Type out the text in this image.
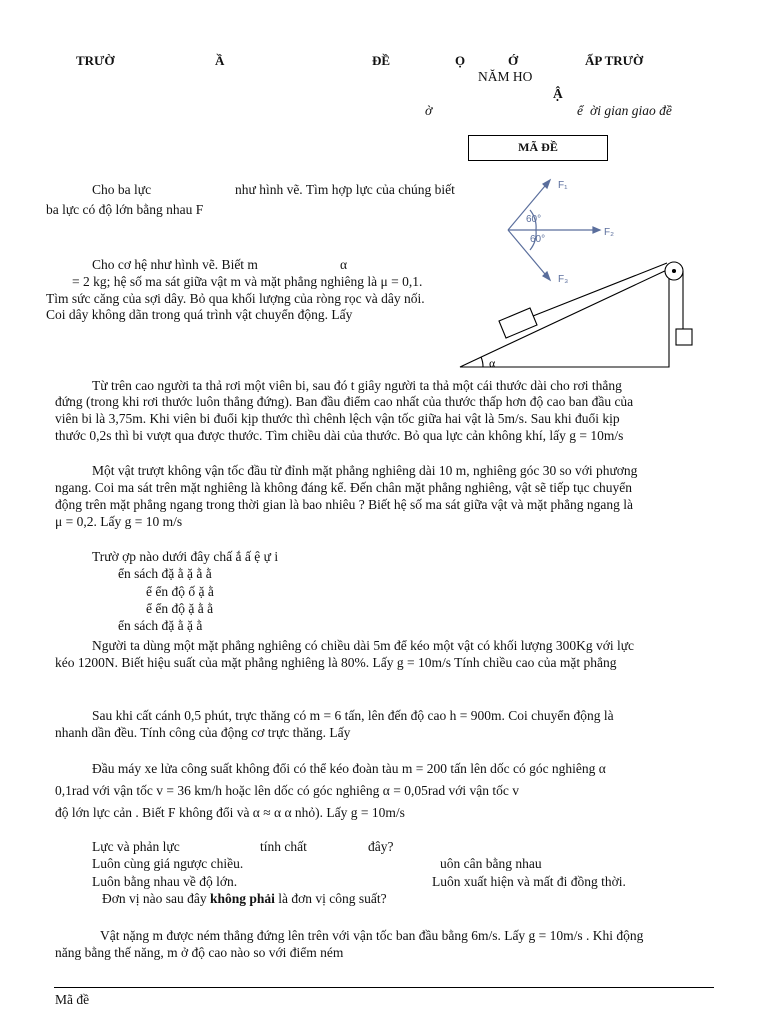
TRƯỜ	Ầ	ĐỀ	Ọ	Ớ	ẤP TRƯỜ
NĂM HO
Ậ
ờ	ể ời gian giao đề
MÃ ĐỀ
Cho ba lực	như hình vẽ. Tìm hợp lực của chúng biết
ba lực có độ lớn bằng nhau F
F₁
F₂
F₃
60°
60°
α
Cho cơ hệ như hình vẽ. Biết m	α
= 2 kg; hệ số ma sát giữa vật m và mặt phẳng nghiêng là μ = 0,1.
Tìm sức căng của sợi dây. Bỏ qua khối lượng của ròng rọc và dây nối.
Coi dây không dãn trong quá trình vật chuyển động. Lấy
Từ trên cao người ta thả rơi một viên bi, sau đó t giây người ta thả một cái thước dài cho rơi thẳng
đứng (trong khi rơi thước luôn thẳng đứng). Ban đầu điểm cao nhất của thước thấp hơn độ cao ban đầu của
viên bi là 3,75m. Khi viên bi đuổi kịp thước thì chênh lệch vận tốc giữa hai vật là 5m/s. Sau khi đuổi kịp
thước 0,2s thì bi vượt qua được thước. Tìm chiều dài của thước. Bỏ qua lực cản không khí, lấy g = 10m/s
Một vật trượt không vận tốc đầu từ đỉnh mặt phẳng nghiêng dài 10 m, nghiêng góc 30 so với phương
ngang. Coi ma sát trên mặt nghiêng là không đáng kể. Đến chân mặt phẳng nghiêng, vật sẽ tiếp tục chuyển
động trên mặt phẳng ngang trong thời gian là bao nhiêu ? Biết hệ số ma sát giữa vật và mặt phẳng ngang là
μ = 0,2. Lấy g = 10 m/s
Trườ ợp nào dưới đây chấ ắ ấ ệ ự i
ển sách đặ ằ ặ ằ ằ
ể ển độ ố ặ ằ
ể ển độ ặ ằ ằ
ển sách đặ ằ ặ ằ
Người ta dùng một mặt phẳng nghiêng có chiều dài 5m để kéo một vật có khối lượng 300Kg với lực
kéo 1200N. Biết hiệu suất của mặt phẳng nghiêng là 80%. Lấy g = 10m/s Tính chiều cao của mặt phẳng
Sau khi cất cánh 0,5 phút, trực thăng có m = 6 tấn, lên đến độ cao h = 900m. Coi chuyển động là
nhanh dần đều. Tính công của động cơ trực thăng. Lấy
Đầu máy xe lửa công suất không đổi có thể kéo đoàn tàu m = 200 tấn lên dốc có góc nghiêng α
0,1rad với vận tốc v = 36 km/h hoặc lên dốc có góc nghiêng α = 0,05rad với vận tốc v
độ lớn lực cản . Biết F không đổi và α ≈ α α nhỏ). Lấy g = 10m/s
Lực và phản lực	tính chất	đây?
Luôn cùng giá ngược chiều.	uôn cân bằng nhau
Luôn bằng nhau về độ lớn.	Luôn xuất hiện và mất đi đồng thời.
Đơn vị nào sau đây không phải là đơn vị công suất?
Vật nặng m được ném thẳng đứng lên trên với vận tốc ban đầu bằng 6m/s. Lấy g = 10m/s . Khi động
năng bằng thế năng, m ở độ cao nào so với điểm ném
Mã đề
